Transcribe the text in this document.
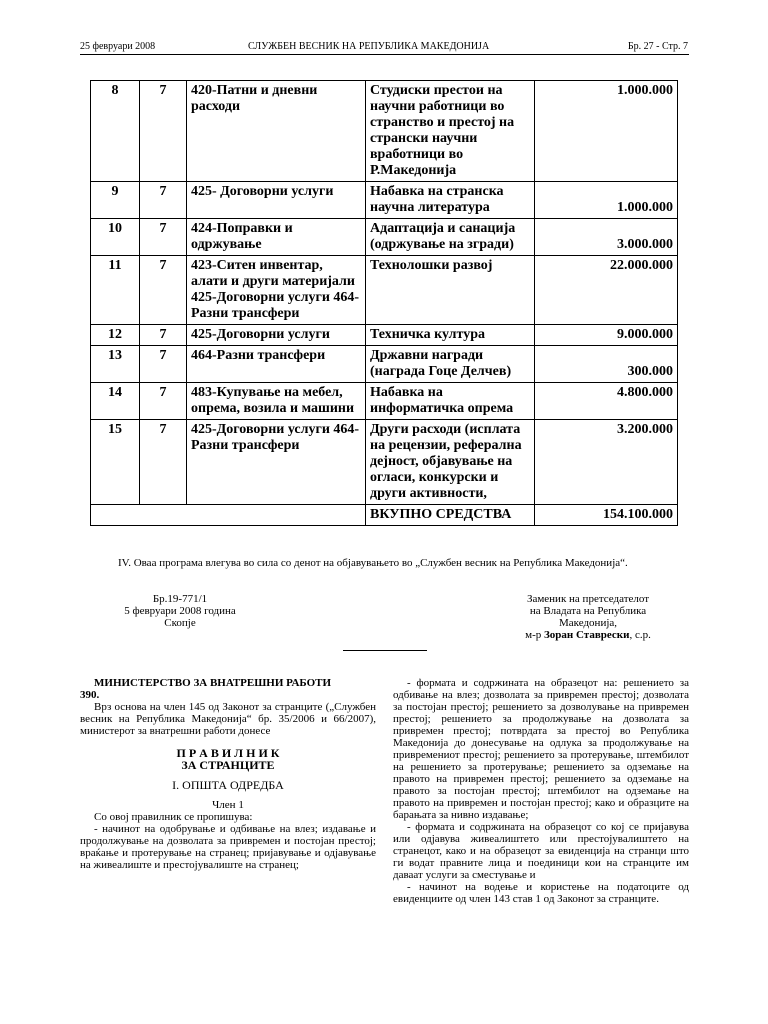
25 февруари 2008	СЛУЖБЕН ВЕСНИК НА РЕПУБЛИКА МАКЕДОНИЈА	Бр. 27 - Стр. 7
8	7	420-Патни и дневни расходи	Студиски престои на научни работници во странство и престој на странски научни вработници во Р.Македонија	1.000.000
9	7	425- Договорни услуги	Набавка на странска научна литература	1.000.000
10	7	424-Поправки и одржување	Адаптација и санација (одржување на згради)	3.000.000
11	7	423-Ситен инвентар, алати и други материјали 425-Договорни услуги 464-Разни трансфери	Технолошки развој	22.000.000
12	7	425-Договорни услуги	Техничка култура	9.000.000
13	7	464-Разни трансфери	Државни награди (награда Гоце Делчев)	300.000
14	7	483-Купување на мебел, опрема, возила и машини	Набавка на информатичка опрема	4.800.000
15	7	425-Договорни услуги 464-Разни трансфери	Други расходи (исплата на рецензии, реферална дејност, објавување на огласи, конкурски и други активности,	3.200.000
			ВКУПНО СРЕДСТВА	154.100.000
IV. Оваа програма влегува во сила со денот на објавувањето во „Службен весник на Република Македонија“.
Бр.19-771/1
5 февруари 2008 година
Скопје
Заменик на претседателот
на Владата на Република
Македонија,
м-р Зоран Ставрески, с.р.

МИНИСТЕРСТВО ЗА ВНАТРЕШНИ РАБОТИ

390.

Врз основа на член 145 од Законот за странците („Службен весник на Република Македонија“ бр. 35/2006 и 66/2007), министерот за внатрешни работи донесе

П Р А В И Л Н И К

ЗА СТРАНЦИТЕ

I. ОПШТА ОДРЕДБА

Член 1

Со овој правилник се пропишува:

- начинот на одобрување и одбивање на влез; издавање и продолжување на дозволата за привремен и постојан престој; враќање и протерување на странец; пријавување и одјавување на живеалиште и престојувалиште на странец;

- формата и содржината на образецот на: решението за одбивање на влез; дозволата за привремен престој; дозволата за постојан престој; решението за дозволување на привремен престој; решението за продолжување на дозволата за привремен престој; потврдата за престој во Република Македонија до донесување на одлука за продолжување на привремениот престој; решението за протерување, штембилот на решението за протерување; решението за одземање на правото на привремен престој; решението за одземање на правото за постојан престој; штембилот на одземање на правото на привремен и постојан престој; како и образците на барањата за нивно издавање;

- формата и содржината на образецот со кој се пријавува или одјавува живеалиштето или престојувалиштето на странецот, како и на образецот за евиденција на странци што ги водат правните лица и поединици кои на странците им даваат услуги за сместување и

- начинот на водење и користење на податоците од евиденциите од член 143 став 1 од Законот за странците.
